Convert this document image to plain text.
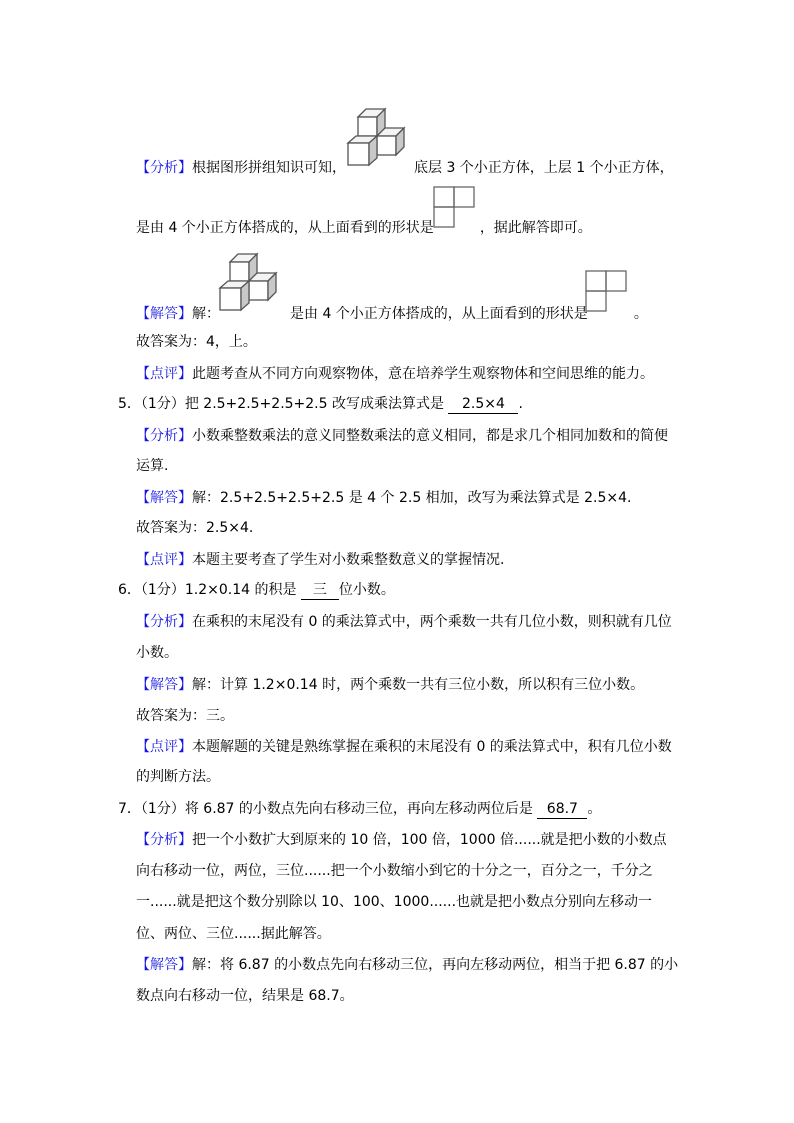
【分析】根据图形拼组知识可知，	底层 3 个小正方体，上层 1 个小正方体，
是由 4 个小正方体搭成的，从上面看到的形状是	，据此解答即可。
【解答】解：	是由 4 个小正方体搭成的，从上面看到的形状是	。
故答案为：4，上。
【点评】此题考查从不同方向观察物体，意在培养学生观察物体和空间思维的能力。
5．（1分）把 2.5+2.5+2.5+2.5 改写成乘法算式是 2.5×4 .
【分析】小数乘整数乘法的意义同整数乘法的意义相同，都是求几个相同加数和的简便
运算.
【解答】解：2.5+2.5+2.5+2.5 是 4 个 2.5 相加，改写为乘法算式是 2.5×4.
故答案为：2.5×4.
【点评】本题主要考查了学生对小数乘整数意义的掌握情况.
6．（1分）1.2×0.14 的积是 三 位小数。
【分析】在乘积的末尾没有 0 的乘法算式中，两个乘数一共有几位小数，则积就有几位
小数。
【解答】解：计算 1.2×0.14 时，两个乘数一共有三位小数，所以积有三位小数。
故答案为：三。
【点评】本题解题的关键是熟练掌握在乘积的末尾没有 0 的乘法算式中，积有几位小数
的判断方法。
7．（1分）将 6.87 的小数点先向右移动三位，再向左移动两位后是 68.7 。
【分析】把一个小数扩大到原来的 10 倍，100 倍，1000 倍......就是把小数的小数点
向右移动一位，两位，三位......把一个小数缩小到它的十分之一，百分之一，千分之
一......就是把这个数分别除以 10、100、1000......也就是把小数点分别向左移动一
位、两位、三位......据此解答。
【解答】解：将 6.87 的小数点先向右移动三位，再向左移动两位，相当于把 6.87 的小
数点向右移动一位，结果是 68.7。
